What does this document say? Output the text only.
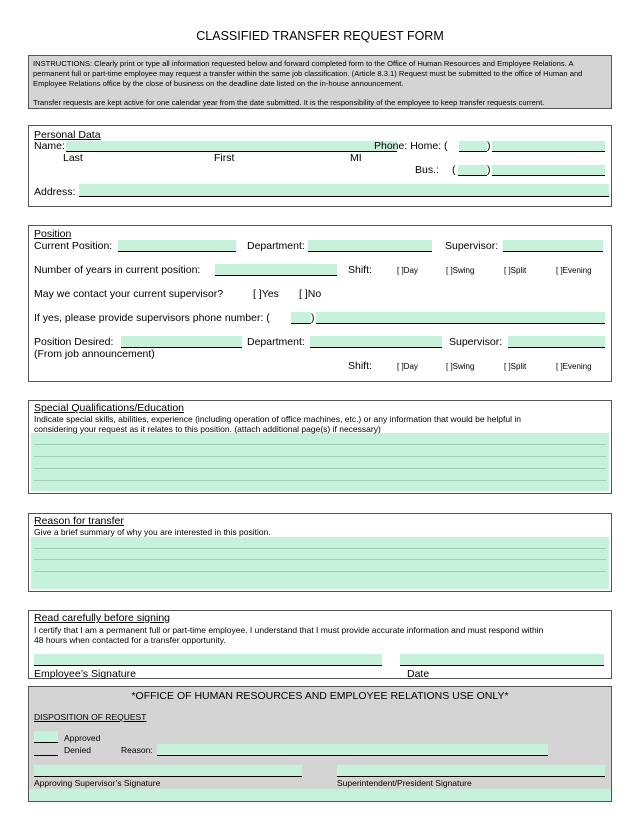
CLASSIFIED TRANSFER REQUEST FORM
INSTRUCTIONS: Clearly print or type all information requested below and forward completed form to the Office of Human Resources and Employee Relations. A permanent full or part-time employee may request a transfer within the same job classification. (Article 8.3.1) Request must be submitted to the office of Human and Employee Relations office by the close of business on the deadline date listed on the in-house announcement.
Transfer requests are kept active for one calendar year from the date submitted. It is the responsibility of the employee to keep transfer requests current.
Personal Data
Name:	Phone: Home: (	)
Last	First	MI
Bus.: (	)
Address:
Position
Current Position:	Department:	Supervisor:
Number of years in current position:	Shift:	[ ]Day	[ ]Swing	[ ]Split	[ ]Evening
May we contact your current supervisor?	[ ]Yes [ ]No
If yes, please provide supervisors phone number: (	)
Position Desired:	Department:	Supervisor:
(From job announcement)
Shift:	[ ]Day	[ ]Swing	[ ]Split	[ ]Evening
Special Qualifications/Education
Indicate special skills, abilities, experience (including operation of office machines, etc.) or any information that would be helpful in
considering your request as it relates to this position. (attach additional page(s) if necessary)
Reason for transfer
Give a brief summary of why you are interested in this position.
Read carefully before signing
I certify that I am a permanent full or part-time employee. I understand that I must provide accurate information and must respond within
48 hours when contacted for a transfer opportunity.
Employee’s Signature	Date
*OFFICE OF HUMAN RESOURCES AND EMPLOYEE RELATIONS USE ONLY*
DISPOSITION OF REQUEST
Approved
Denied	Reason:
Approving Supervisor’s Signature	Superintendent/President Signature
